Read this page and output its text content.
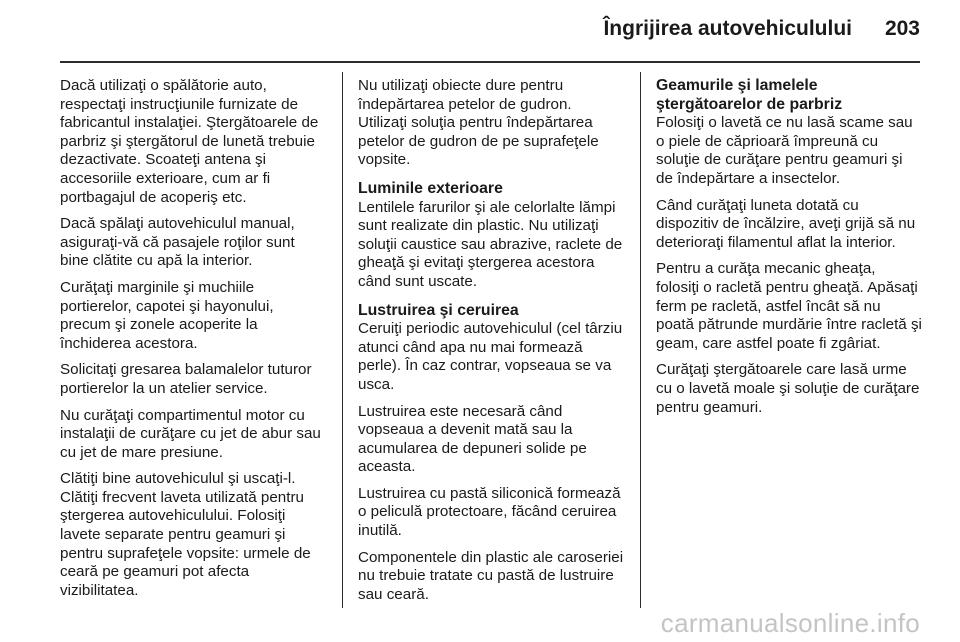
Îngrijirea autovehiculului 203

Dacă utilizaţi o spălătorie auto, respectaţi instrucţiunile furnizate de fabricantul instalaţiei. Ştergătoarele de parbriz şi ştergătorul de lunetă trebuie dezactivate. Scoateţi antena şi accesoriile exterioare, cum ar fi portbagajul de acoperiş etc.

Dacă spălaţi autovehiculul manual, asiguraţi-vă că pasajele roţilor sunt bine clătite cu apă la interior.

Curăţaţi marginile şi muchiile portierelor, capotei şi hayonului, precum şi zonele acoperite la închiderea acestora.

Solicitaţi gresarea balamalelor tuturor portierelor la un atelier service.

Nu curăţaţi compartimentul motor cu instalaţii de curăţare cu jet de abur sau cu jet de mare presiune.

Clătiţi bine autovehiculul şi uscaţi-l. Clătiţi frecvent laveta utilizată pentru ştergerea autovehiculului. Folosiţi lavete separate pentru geamuri şi pentru suprafeţele vopsite: urmele de ceară pe geamuri pot afecta vizibilitatea.

Nu utilizaţi obiecte dure pentru îndepărtarea petelor de gudron. Utilizaţi soluţia pentru îndepărtarea petelor de gudron de pe suprafeţele vopsite.

Luminile exterioare

Lentilele farurilor şi ale celorlalte lămpi sunt realizate din plastic. Nu utilizaţi soluţii caustice sau abrazive, raclete de gheaţă şi evitaţi ştergerea acestora când sunt uscate.

Lustruirea şi ceruirea

Ceruiţi periodic autovehiculul (cel târziu atunci când apa nu mai formează perle). În caz contrar, vopseaua se va usca.

Lustruirea este necesară când vopseaua a devenit mată sau la acumularea de depuneri solide pe aceasta.

Lustruirea cu pastă siliconică formează o peliculă protectoare, făcând ceruirea inutilă.

Componentele din plastic ale caroseriei nu trebuie tratate cu pastă de lustruire sau ceară.

Geamurile şi lamelele ştergătoarelor de parbriz

Folosiţi o lavetă ce nu lasă scame sau o piele de căprioară împreună cu soluţie de curăţare pentru geamuri şi de îndepărtare a insectelor.

Când curăţaţi luneta dotată cu dispozitiv de încălzire, aveţi grijă să nu deterioraţi filamentul aflat la interior.

Pentru a curăţa mecanic gheaţa, folosiţi o racletă pentru gheaţă. Apăsaţi ferm pe racletă, astfel încât să nu poată pătrunde murdărie între racletă şi geam, care astfel poate fi zgâriat.

Curăţaţi ştergătoarele care lasă urme cu o lavetă moale şi soluţie de curăţare pentru geamuri.

carmanualsonline.info
